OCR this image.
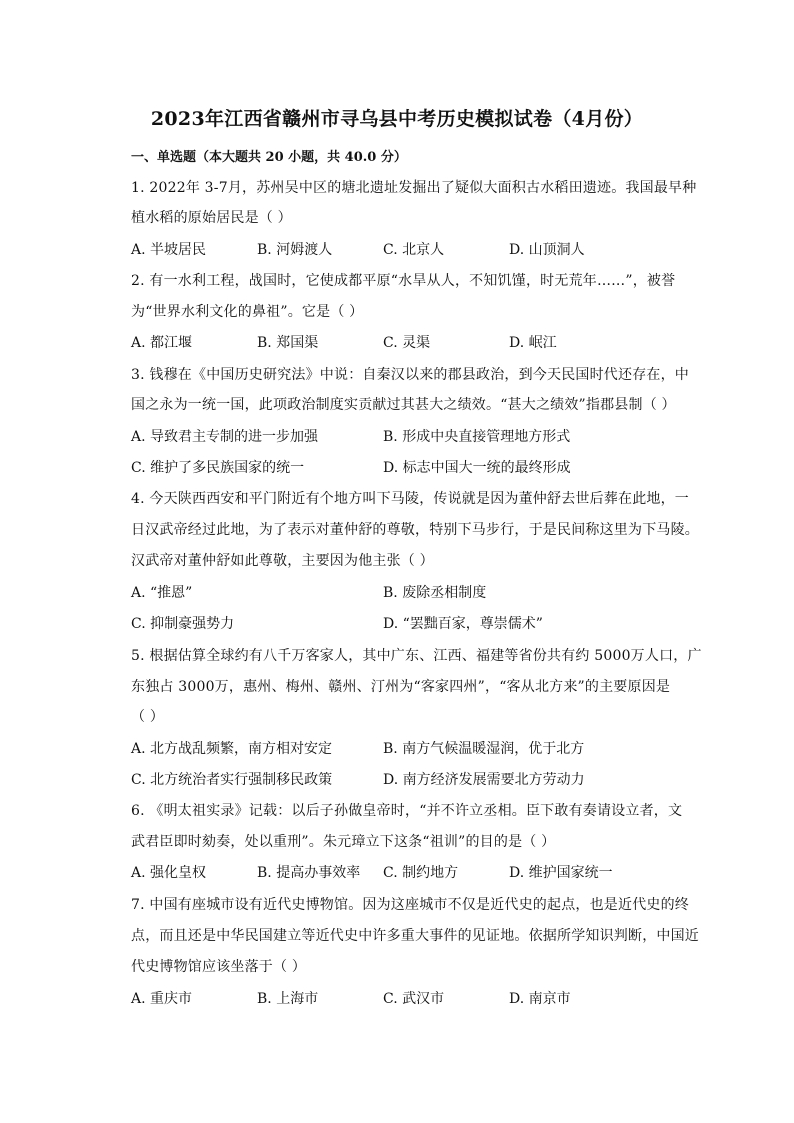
2023年江西省赣州市寻乌县中考历史模拟试卷（4月份）
一、单选题（本大题共 20 小题，共 40.0 分）
1. 2022年 3-7月，苏州吴中区的塘北遗址发掘出了疑似大面积古水稻田遗迹。我国最早种
植水稻的原始居民是（ ）
A. 半坡居民	B. 河姆渡人	C. 北京人	D. 山顶洞人
2. 有一水利工程，战国时，它使成都平原“水旱从人，不知饥馑，时无荒年……”，被誉
为“世界水利文化的鼻祖”。它是（ ）
A. 都江堰	B. 郑国渠	C. 灵渠	D. 岷江
3. 钱穆在《中国历史研究法》中说：自秦汉以来的郡县政治，到今天民国时代还存在，中
国之永为一统一国，此项政治制度实贡献过其甚大之绩效。“甚大之绩效”指郡县制（ ）
A. 导致君主专制的进一步加强	B. 形成中央直接管理地方形式
C. 维护了多民族国家的统一	D. 标志中国大一统的最终形成
4. 今天陕西西安和平门附近有个地方叫下马陵，传说就是因为董仲舒去世后葬在此地，一
日汉武帝经过此地，为了表示对董仲舒的尊敬，特别下马步行，于是民间称这里为下马陵。
汉武帝对董仲舒如此尊敬，主要因为他主张（ ）
A. “推恩”	B. 废除丞相制度
C. 抑制豪强势力	D. “罢黜百家，尊崇儒术”
5. 根据估算全球约有八千万客家人，其中广东、江西、福建等省份共有约 5000万人口，广
东独占 3000万，惠州、梅州、赣州、汀州为“客家四州”，“客从北方来”的主要原因是
（ ）
A. 北方战乱频繁，南方相对安定	B. 南方气候温暖湿润，优于北方
C. 北方统治者实行强制移民政策	D. 南方经济发展需要北方劳动力
6. 《明太祖实录》记载：以后子孙做皇帝时，“并不许立丞相。臣下敢有奏请设立者，文
武君臣即时劾奏，处以重刑”。朱元璋立下这条“祖训”的目的是（ ）
A. 强化皇权	B. 提高办事效率 C. 制约地方	D. 维护国家统一
7. 中国有座城市设有近代史博物馆。因为这座城市不仅是近代史的起点，也是近代史的终
点，而且还是中华民国建立等近代史中许多重大事件的见证地。依据所学知识判断，中国近
代史博物馆应该坐落于（ ）
A. 重庆市	B. 上海市	C. 武汉市	D. 南京市
